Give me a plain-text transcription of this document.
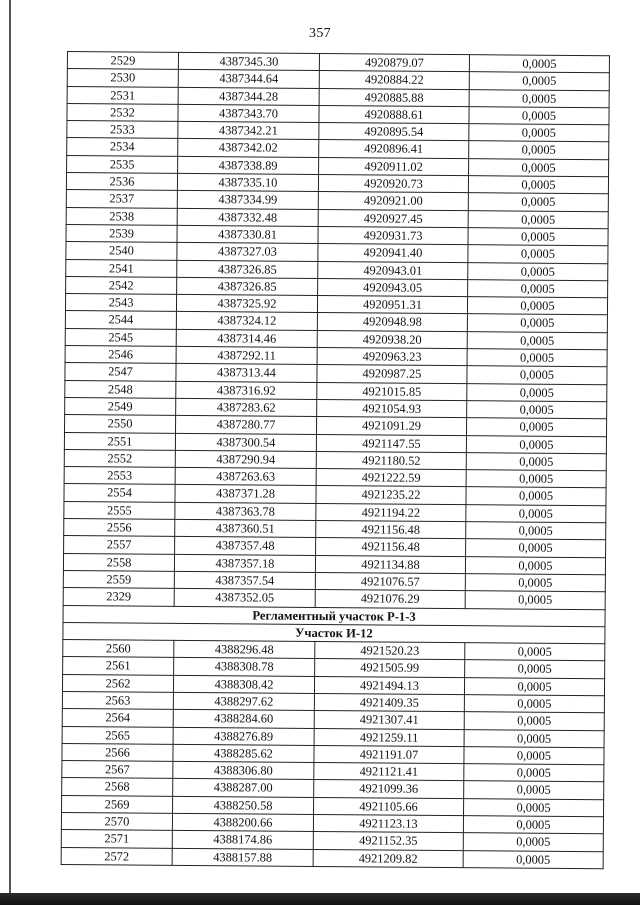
357
2529	4387345.30	4920879.07	0,0005
2530	4387344.64	4920884.22	0,0005
2531	4387344.28	4920885.88	0,0005
2532	4387343.70	4920888.61	0,0005
2533	4387342.21	4920895.54	0,0005
2534	4387342.02	4920896.41	0,0005
2535	4387338.89	4920911.02	0,0005
2536	4387335.10	4920920.73	0,0005
2537	4387334.99	4920921.00	0,0005
2538	4387332.48	4920927.45	0,0005
2539	4387330.81	4920931.73	0,0005
2540	4387327.03	4920941.40	0,0005
2541	4387326.85	4920943.01	0,0005
2542	4387326.85	4920943.05	0,0005
2543	4387325.92	4920951.31	0,0005
2544	4387324.12	4920948.98	0,0005
2545	4387314.46	4920938.20	0,0005
2546	4387292.11	4920963.23	0,0005
2547	4387313.44	4920987.25	0,0005
2548	4387316.92	4921015.85	0,0005
2549	4387283.62	4921054.93	0,0005
2550	4387280.77	4921091.29	0,0005
2551	4387300.54	4921147.55	0,0005
2552	4387290.94	4921180.52	0,0005
2553	4387263.63	4921222.59	0,0005
2554	4387371.28	4921235.22	0,0005
2555	4387363.78	4921194.22	0,0005
2556	4387360.51	4921156.48	0,0005
2557	4387357.48	4921156.48	0,0005
2558	4387357.18	4921134.88	0,0005
2559	4387357.54	4921076.57	0,0005
2329	4387352.05	4921076.29	0,0005
Регламентный участок Р-1-3			
Участок И-12			
2560	4388296.48	4921520.23	0,0005
2561	4388308.78	4921505.99	0,0005
2562	4388308.42	4921494.13	0,0005
2563	4388297.62	4921409.35	0,0005
2564	4388284.60	4921307.41	0,0005
2565	4388276.89	4921259.11	0,0005
2566	4388285.62	4921191.07	0,0005
2567	4388306.80	4921121.41	0,0005
2568	4388287.00	4921099.36	0,0005
2569	4388250.58	4921105.66	0,0005
2570	4388200.66	4921123.13	0,0005
2571	4388174.86	4921152.35	0,0005
2572	4388157.88	4921209.82	0,0005
